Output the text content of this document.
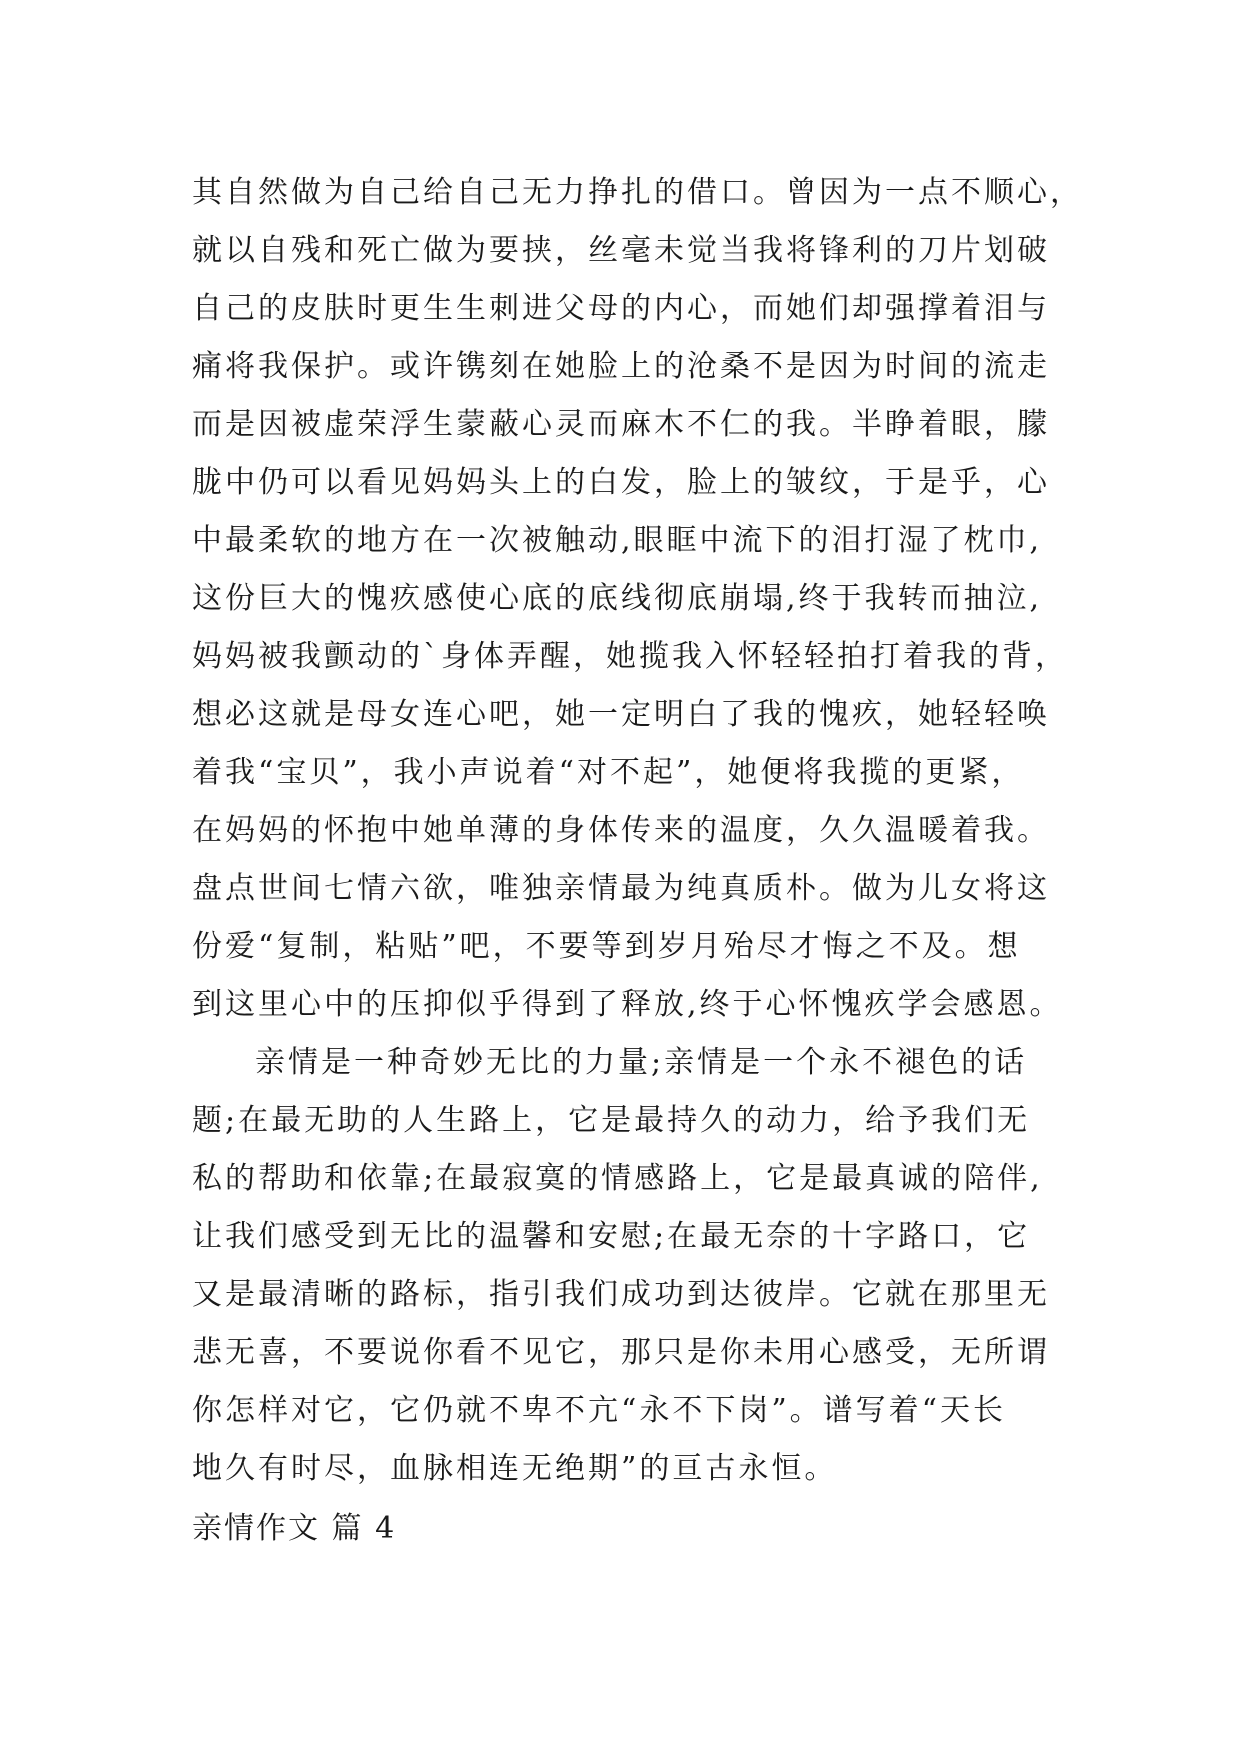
其自然做为自己给自己无力挣扎的借口。曾因为一点不顺心，
就以自残和死亡做为要挟，丝毫未觉当我将锋利的刀片划破
自己的皮肤时更生生刺进父母的内心，而她们却强撑着泪与
痛将我保护。或许镌刻在她脸上的沧桑不是因为时间的流走
而是因被虚荣浮生蒙蔽心灵而麻木不仁的我。半睁着眼，朦
胧中仍可以看见妈妈头上的白发，脸上的皱纹，于是乎，心
中最柔软的地方在一次被触动,眼眶中流下的泪打湿了枕巾,
这份巨大的愧疚感使心底的底线彻底崩塌,终于我转而抽泣,
妈妈被我颤动的`身体弄醒，她揽我入怀轻轻拍打着我的背，
想必这就是母女连心吧，她一定明白了我的愧疚，她轻轻唤
着我“宝贝”，我小声说着“对不起”，她便将我揽的更紧，
在妈妈的怀抱中她单薄的身体传来的温度，久久温暖着我。
盘点世间七情六欲，唯独亲情最为纯真质朴。做为儿女将这
份爱“复制，粘贴”吧，不要等到岁月殆尽才悔之不及。想
到这里心中的压抑似乎得到了释放,终于心怀愧疚学会感恩。
亲情是一种奇妙无比的力量;亲情是一个永不褪色的话
题;在最无助的人生路上，它是最持久的动力，给予我们无
私的帮助和依靠;在最寂寞的情感路上，它是最真诚的陪伴,
让我们感受到无比的温馨和安慰;在最无奈的十字路口，它
又是最清晰的路标，指引我们成功到达彼岸。它就在那里无
悲无喜，不要说你看不见它，那只是你未用心感受，无所谓
你怎样对它，它仍就不卑不亢“永不下岗”。谱写着“天长
地久有时尽，血脉相连无绝期”的亘古永恒。
亲情作文 篇 4
